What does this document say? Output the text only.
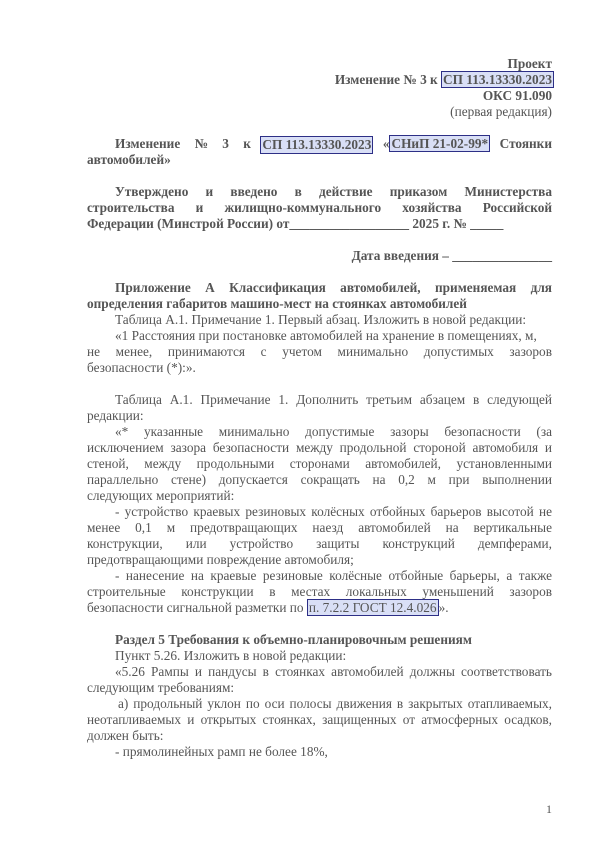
Проект
Изменение № 3 к СП 113.13330.2023
ОКС 91.090
(первая редакция)
Изменение № 3 к СП 113.13330.2023 « СНиП 21-02-99* Стоянки
автомобилей»
Утверждено и введено в действие приказом Министерства
строительства и жилищно-коммунального хозяйства Российской
Федерации (Минстрой России) от__________________ 2025 г. № _____
Дата введения – _______________
Приложение А Классификация автомобилей, применяемая для
определения габаритов машино-мест на стоянках автомобилей
Таблица А.1. Примечание 1. Первый абзац. Изложить в новой редакции:
«1 Расстояния при постановке автомобилей на хранение в помещениях, м,
не менее, принимаются с учетом минимально допустимых зазоров
безопасности (*):».
Таблица А.1. Примечание 1. Дополнить третьим абзацем в следующей
редакции:
«* указанные минимально допустимые зазоры безопасности (за
исключением зазора безопасности между продольной стороной автомобиля и
стеной, между продольными сторонами автомобилей, установленными
параллельно стене) допускается сокращать на 0,2 м при выполнении
следующих мероприятий:
- устройство краевых резиновых колёсных отбойных барьеров высотой не
менее 0,1 м предотвращающих наезд автомобилей на вертикальные
конструкции, или устройство защиты конструкций демпферами,
предотвращающими повреждение автомобиля;
- нанесение на краевые резиновые колёсные отбойные барьеры, а также
строительные конструкции в местах локальных уменьшений зазоров
безопасности сигнальной разметки по п. 7.2.2 ГОСТ 12.4.026 ».
Раздел 5 Требования к объемно-планировочным решениям
Пункт 5.26. Изложить в новой редакции:
«5.26 Рампы и пандусы в стоянках автомобилей должны соответствовать
следующим требованиям:
а) продольный уклон по оси полосы движения в закрытых отапливаемых,
неотапливаемых и открытых стоянках, защищенных от атмосферных осадков,
должен быть:
- прямолинейных рамп не более 18%,
1
